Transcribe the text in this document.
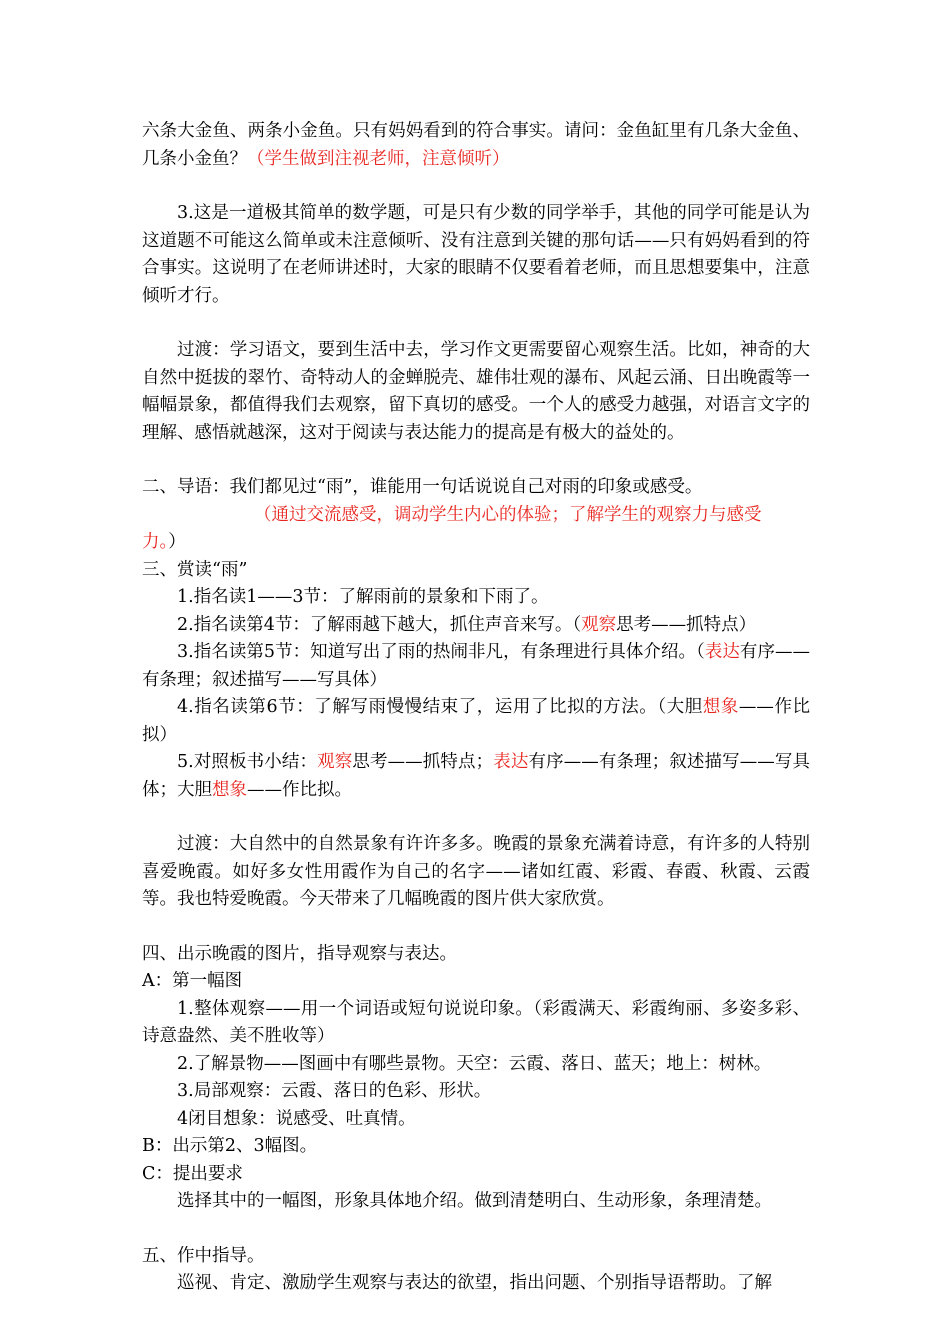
六条大金鱼、两条小金鱼。只有妈妈看到的符合事实。请问：金鱼缸里有几条大金鱼、几条小金鱼？（学生做到注视老师，注意倾听）

3.这是一道极其简单的数学题，可是只有少数的同学举手，其他的同学可能是认为这道题不可能这么简单或未注意倾听、没有注意到关键的那句话——只有妈妈看到的符合事实。这说明了在老师讲述时，大家的眼睛不仅要看着老师，而且思想要集中，注意倾听才行。

过渡：学习语文，要到生活中去，学习作文更需要留心观察生活。比如，神奇的大自然中挺拔的翠竹、奇特动人的金蝉脱壳、雄伟壮观的瀑布、风起云涌、日出晚霞等一幅幅景象，都值得我们去观察，留下真切的感受。一个人的感受力越强，对语言文字的理解、感悟就越深，这对于阅读与表达能力的提高是有极大的益处的。

二、导语：我们都见过“雨”，谁能用一句话说说自己对雨的印象或感受。

（通过交流感受，调动学生内心的体验；了解学生的观察力与感受

力。）

三、赏读“雨”

1.指名读1——3节：了解雨前的景象和下雨了。

2.指名读第4节：了解雨越下越大，抓住声音来写。（观察思考——抓特点）

3.指名读第5节：知道写出了雨的热闹非凡，有条理进行具体介绍。（表达有序——有条理；叙述描写——写具体）

4.指名读第6节：了解写雨慢慢结束了，运用了比拟的方法。（大胆想象——作比拟）

5.对照板书小结：观察思考——抓特点；表达有序——有条理；叙述描写——写具体；大胆想象——作比拟。

过渡：大自然中的自然景象有许许多多。晚霞的景象充满着诗意，有许多的人特别喜爱晚霞。如好多女性用霞作为自己的名字——诸如红霞、彩霞、春霞、秋霞、云霞等。我也特爱晚霞。今天带来了几幅晚霞的图片供大家欣赏。

四、出示晚霞的图片，指导观察与表达。

A：第一幅图

1.整体观察——用一个词语或短句说说印象。（彩霞满天、彩霞绚丽、多姿多彩、诗意盎然、美不胜收等）

2.了解景物——图画中有哪些景物。天空：云霞、落日、蓝天；地上：树林。

3.局部观察：云霞、落日的色彩、形状。

4闭目想象：说感受、吐真情。

B：出示第2、3幅图。

C：提出要求

选择其中的一幅图，形象具体地介绍。做到清楚明白、生动形象，条理清楚。

五、作中指导。

巡视、肯定、激励学生观察与表达的欲望，指出问题、个别指导语帮助。了解
